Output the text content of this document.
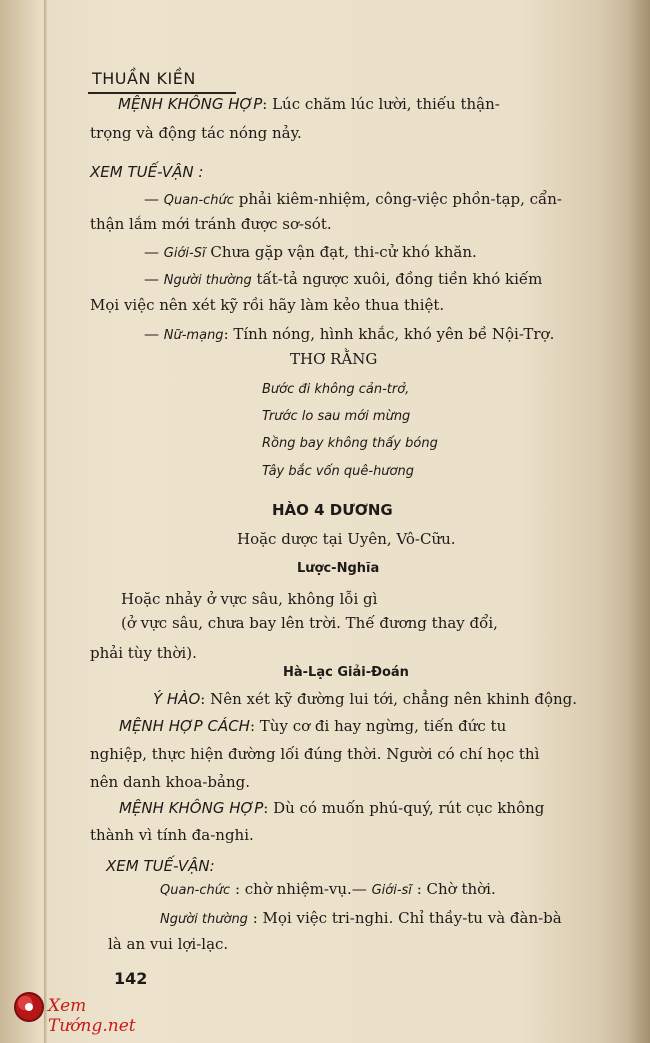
THUẦN KIỀN
MỆNH KHÔNG HỢP: Lúc chăm lúc lười, thiếu thận-
trọng và động tác nóng nảy.
XEM TUẾ-VẬN :
— Quan-chức phải kiêm-nhiệm, công-việc phồn-tạp, cẩn-
thận lắm mới tránh được sơ-sót.
— Giới-Sĩ Chưa gặp vận đạt, thi-cử khó khăn.
— Người thường tất-tả ngược xuôi, đồng tiền khó kiếm
Mọi việc nên xét kỹ rồi hãy làm kẻo thua thiệt.
— Nữ-mạng: Tính nóng, hình khắc, khó yên bề Nội-Trợ.
THƠ RẰNG
Bước đi không cản-trở,
Trước lo sau mới mừng
Rồng bay không thấy bóng
Tây bắc vốn quê-hương
HÀO 4 DƯƠNG
Hoặc dược tại Uyên, Vô-Cữu.
Lược-Nghĩa
Hoặc nhảy ở vực sâu, không lỗi gì
(ở vực sâu, chưa bay lên trời. Thế đương thay đổi,
phải tùy thời).
Hà-Lạc Giải-Đoán
Ý HÀO: Nên xét kỹ đường lui tới, chẳng nên khinh động.
MỆNH HỢP CÁCH: Tùy cơ đi hay ngừng, tiến đức tu
nghiệp, thực hiện đường lối đúng thời. Người có chí học thì
nên danh khoa-bảng.
MỆNH KHÔNG HỢP: Dù có muốn phú-quý, rút cục không
thành vì tính đa-nghi.
XEM TUẾ-VẬN:
Quan-chức : chờ nhiệm-vụ.— Giới-sĩ : Chờ thời.
Người thường : Mọi việc tri-nghi. Chỉ thầy-tu và đàn-bà
là an vui lợi-lạc.
142
Xem Tướng.net
